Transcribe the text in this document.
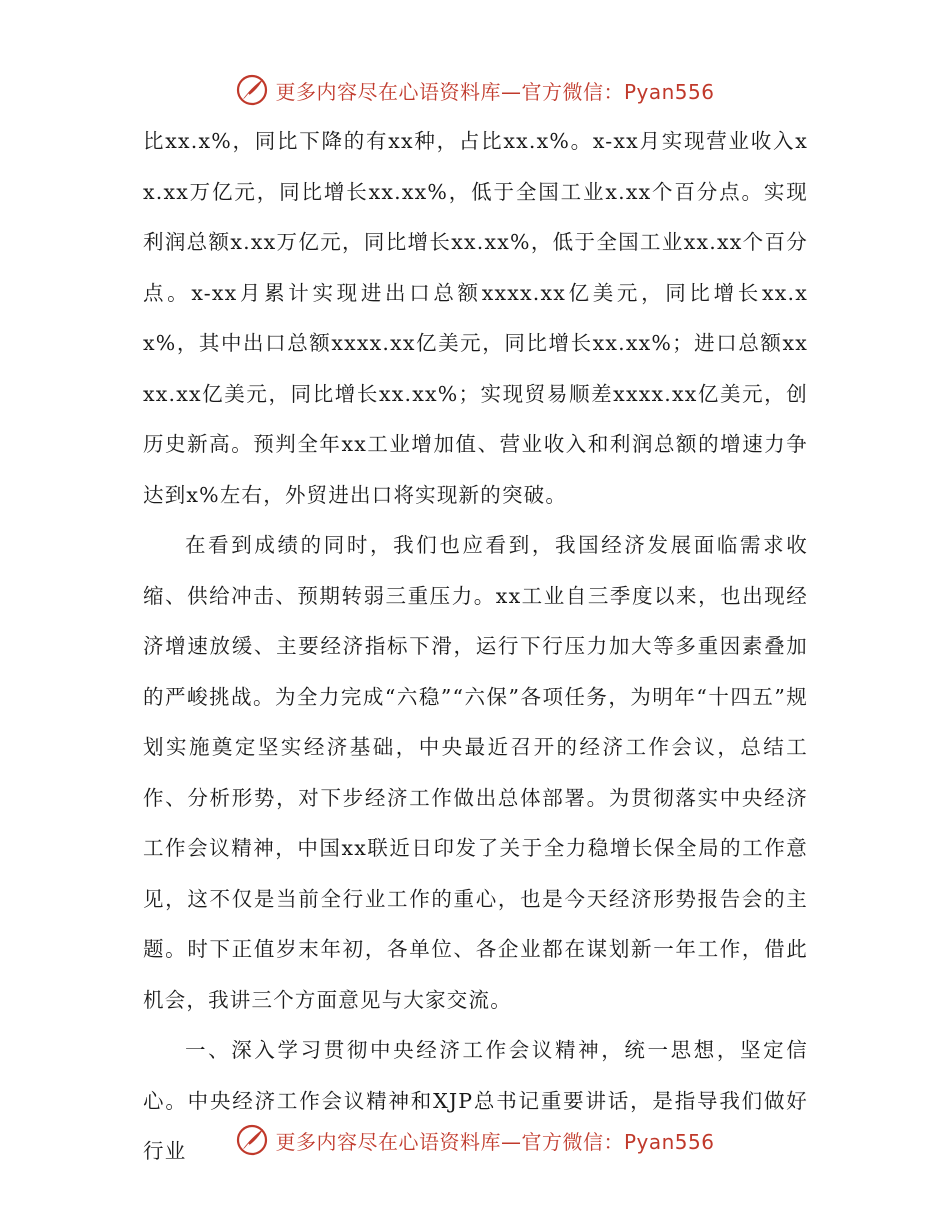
更多内容尽在心语资料库—官方微信：Pyan556

比xx.x%，同比下降的有xx种，占比xx.x%。x-xx月实现营业收入xx.xx万亿元，同比增长xx.xx%，低于全国工业x.xx个百分点。实现利润总额x.xx万亿元，同比增长xx.xx%，低于全国工业xx.xx个百分点。x-xx月累计实现进出口总额xxxx.xx亿美元，同比增长xx.xx%，其中出口总额xxxx.xx亿美元，同比增长xx.xx%；进口总额xxxx.xx亿美元，同比增长xx.xx%；实现贸易顺差xxxx.xx亿美元，创历史新高。预判全年xx工业增加值、营业收入和利润总额的增速力争达到x%左右，外贸进出口将实现新的突破。

在看到成绩的同时，我们也应看到，我国经济发展面临需求收缩、供给冲击、预期转弱三重压力。xx工业自三季度以来，也出现经济增速放缓、主要经济指标下滑，运行下行压力加大等多重因素叠加的严峻挑战。为全力完成“六稳”“六保”各项任务，为明年“十四五”规划实施奠定坚实经济基础，中央最近召开的经济工作会议，总结工作、分析形势，对下步经济工作做出总体部署。为贯彻落实中央经济工作会议精神，中国xx联近日印发了关于全力稳增长保全局的工作意见，这不仅是当前全行业工作的重心，也是今天经济形势报告会的主题。时下正值岁末年初，各单位、各企业都在谋划新一年工作，借此机会，我讲三个方面意见与大家交流。

一、深入学习贯彻中央经济工作会议精神，统一思想，坚定信心。中央经济工作会议精神和XJP总书记重要讲话，是指导我们做好行业	更多内容尽在心语资料库—官方微信：Pyan556
